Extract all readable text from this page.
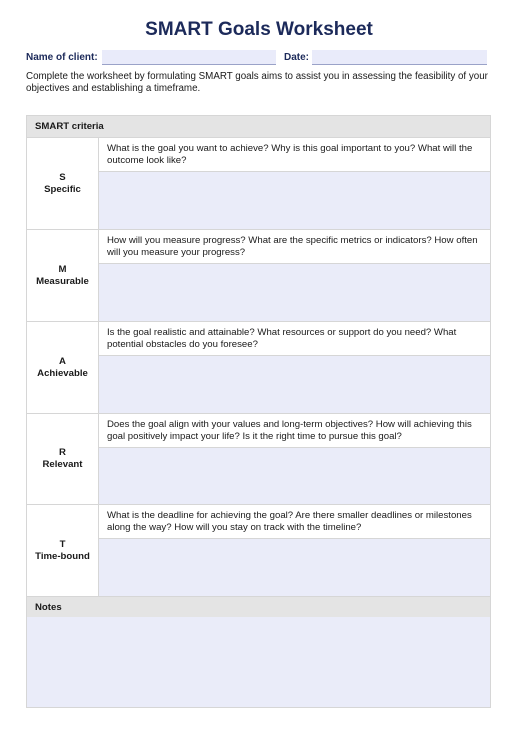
SMART Goals Worksheet
Name of client:	Date:
Complete the worksheet by formulating SMART goals aims to assist you in assessing the feasibility of your objectives and establishing a timeframe.
SMART criteria
S
Specific
What is the goal you want to achieve? Why is this goal important to you? What will the outcome look like?
M
Measurable
How will you measure progress? What are the specific metrics or indicators? How often will you measure your progress?
A
Achievable
Is the goal realistic and attainable? What resources or support do you need? What potential obstacles do you foresee?
R
Relevant
Does the goal align with your values and long-term objectives? How will achieving this goal positively impact your life? Is it the right time to pursue this goal?
T
Time-bound
What is the deadline for achieving the goal? Are there smaller deadlines or milestones along the way? How will you stay on track with the timeline?
Notes
